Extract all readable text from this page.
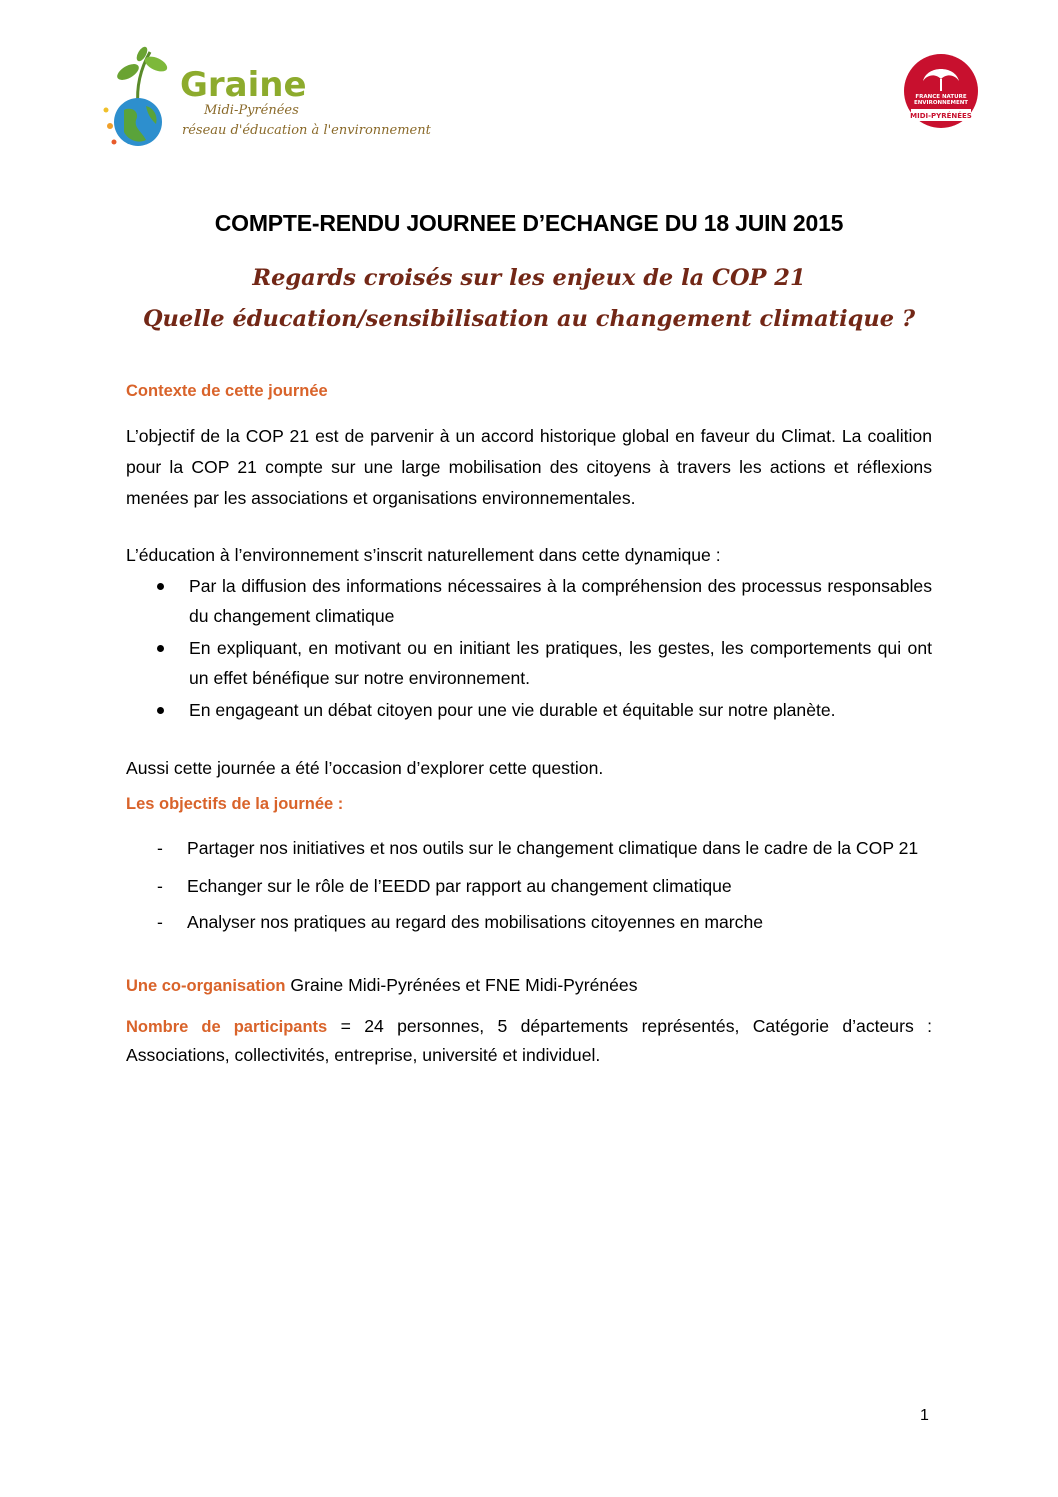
Graine
Midi-Pyrénées
réseau d'éducation à l'environnement
FRANCE NATURE
ENVIRONNEMENT
MIDI-PYRÉNÉES
COMPTE-RENDU JOURNEE D’ECHANGE DU 18 JUIN 2015
Regards croisés sur les enjeux de la COP 21
Quelle éducation/sensibilisation au changement climatique ?
Contexte de cette journée

L’objectif de la COP 21 est de parvenir à un accord historique global en faveur du Climat. La coalition pour la COP 21 compte sur une large mobilisation des citoyens à travers les actions et réflexions menées par les associations et organisations environnementales.

L’éducation à l’environnement s’inscrit naturellement dans cette dynamique :

Par la diffusion des informations nécessaires à la compréhension des processus responsables du changement climatique
En expliquant, en motivant ou en initiant les pratiques, les gestes, les comportements qui ont un effet bénéfique sur notre environnement.
En engageant un débat citoyen pour une vie durable et équitable sur notre planète.

Aussi cette journée a été l’occasion d’explorer cette question.

Les objectifs de la journée :
- Partager nos initiatives et nos outils sur le changement climatique dans le cadre de la COP 21
- Echanger sur le rôle de l’EEDD par rapport au changement climatique
- Analyser nos pratiques au regard des mobilisations citoyennes en marche

Une co-organisation Graine Midi-Pyrénées et FNE Midi-Pyrénées

Nombre de participants = 24 personnes, 5 départements représentés, Catégorie d’acteurs : Associations, collectivités, entreprise, université et individuel.

1
